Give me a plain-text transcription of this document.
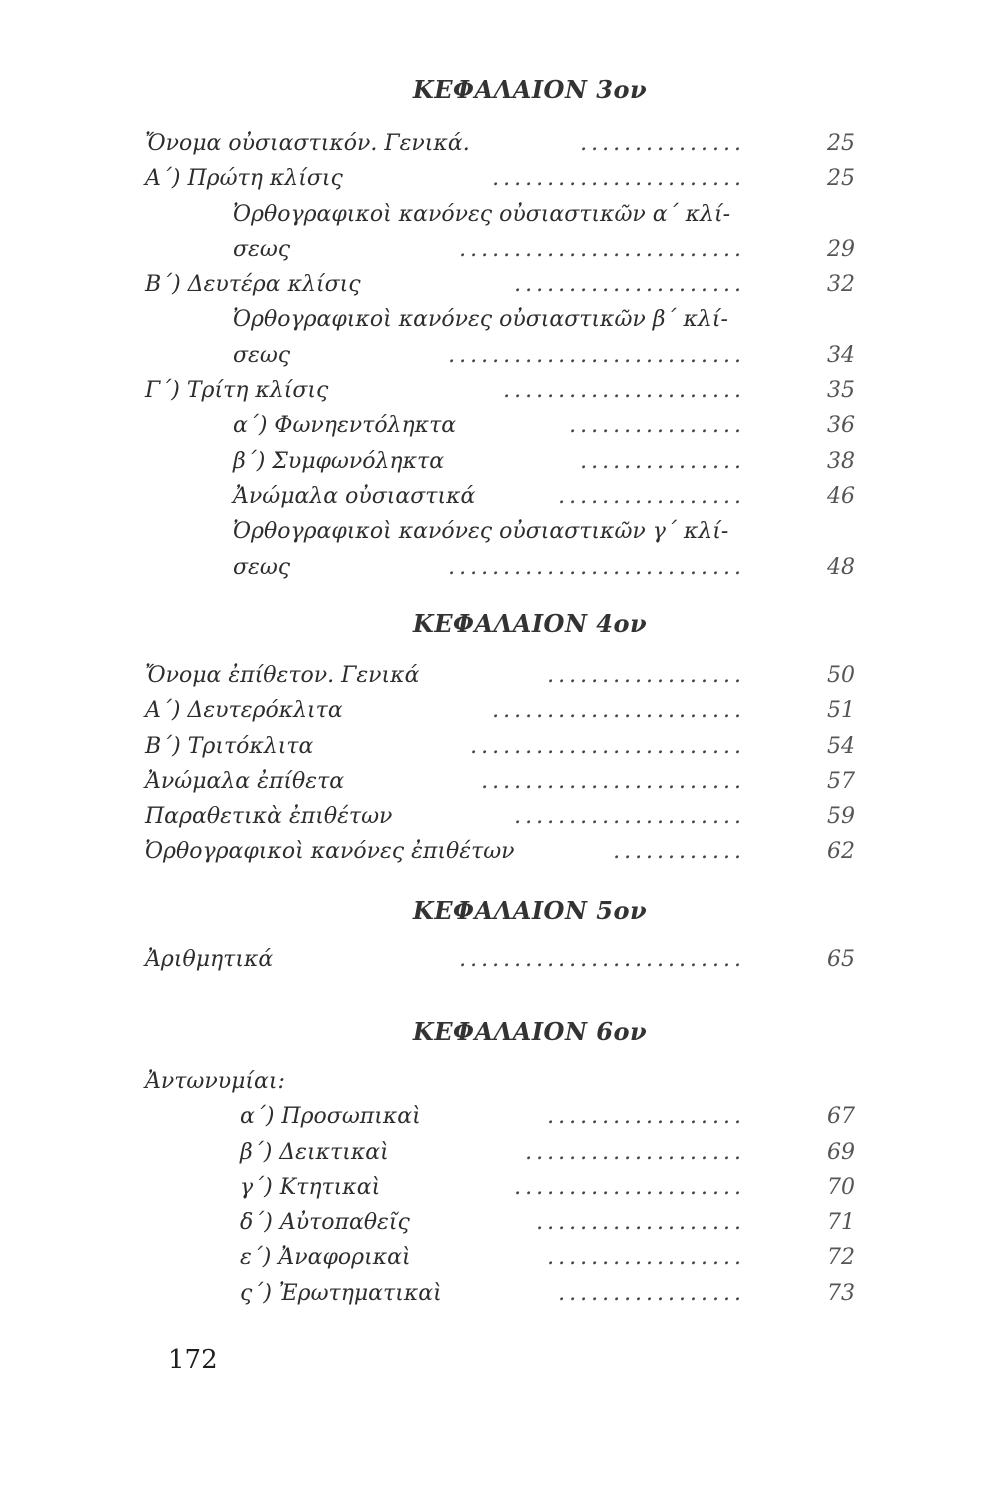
ΚΕΦΑΛΑΙΟΝ 3ον
Ὄνομα οὐσιαστικόν. Γενικά.	...............	25
Α΄) Πρώτη κλίσις	.......................	25
Ὀρθογραφικοὶ κανόνες οὐσιαστικῶν α΄ κλί-
σεως	..........................	29
Β΄) Δευτέρα κλίσις	.....................	32
Ὀρθογραφικοὶ κανόνες οὐσιαστικῶν β΄ κλί-
σεως	...........................	34
Γ΄) Τρίτη κλίσις	......................	35
α΄) Φωνηεντόληκτα	................	36
β΄) Συμφωνόληκτα	...............	38
Ἀνώμαλα οὐσιαστικά	.................	46
Ὀρθογραφικοὶ κανόνες οὐσιαστικῶν γ΄ κλί-
σεως	...........................	48
ΚΕΦΑΛΑΙΟΝ 4ον
Ὄνομα ἐπίθετον. Γενικά	..................	50
Α΄) Δευτερόκλιτα	.......................	51
Β΄) Τριτόκλιτα	.........................	54
Ἀνώμαλα ἐπίθετα	........................	57
Παραθετικὰ ἐπιθέτων	.....................	59
Ὀρθογραφικοὶ κανόνες ἐπιθέτων	............	62
ΚΕΦΑΛΑΙΟΝ 5ον
Ἀριθμητικά	..........................	65
ΚΕΦΑΛΑΙΟΝ 6ον
Ἀντωνυμίαι:
α΄) Προσωπικαὶ	..................	67
β΄) Δεικτικαὶ	....................	69
γ΄) Κτητικαὶ	.....................	70
δ΄) Αὐτοπαθεῖς	...................	71
ε΄) Ἀναφορικαὶ	..................	72
ς΄) Ἐρωτηματικαὶ	.................	73
172
